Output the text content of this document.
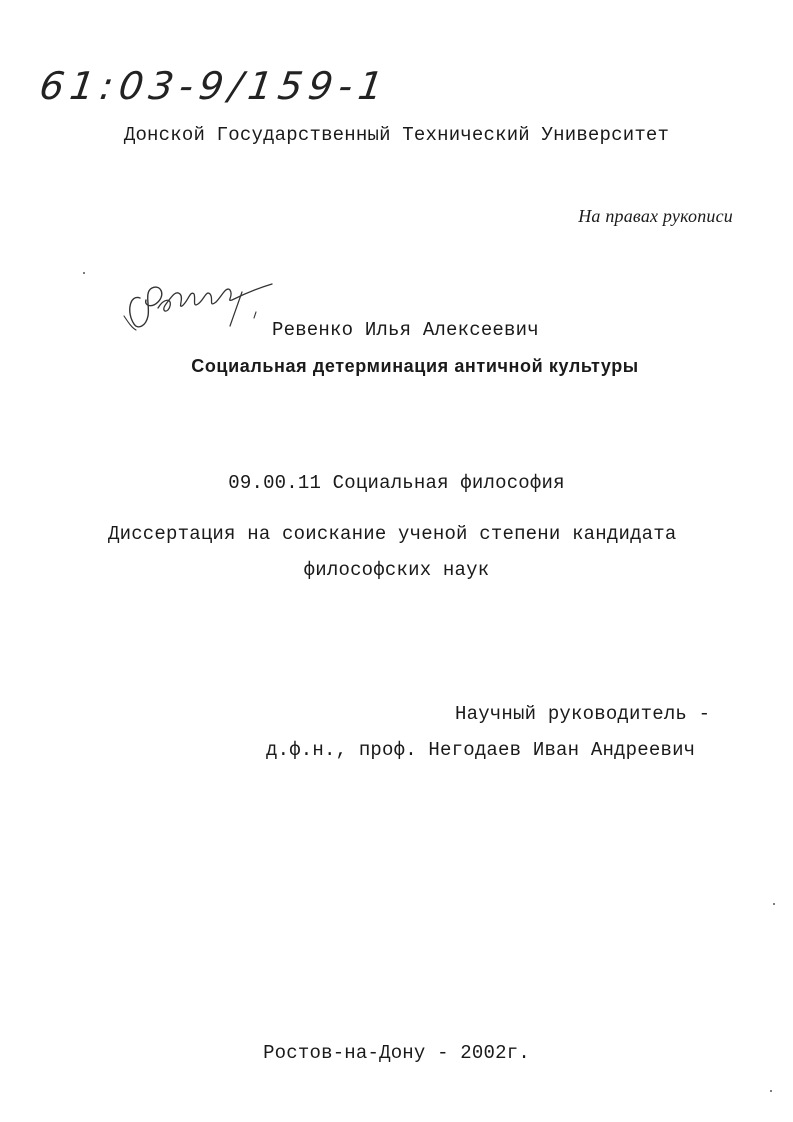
61:03-9/159-1
Донской Государственный Технический Университет
На правах рукописи
Ревенко Илья Алексеевич
Социальная детерминация античной культуры
09.00.11 Социальная философия
Диссертация на соискание ученой степени кандидата
философских наук
Научный руководитель -
д.ф.н., проф. Негодаев Иван Андреевич
Ростов-на-Дону - 2002г.
